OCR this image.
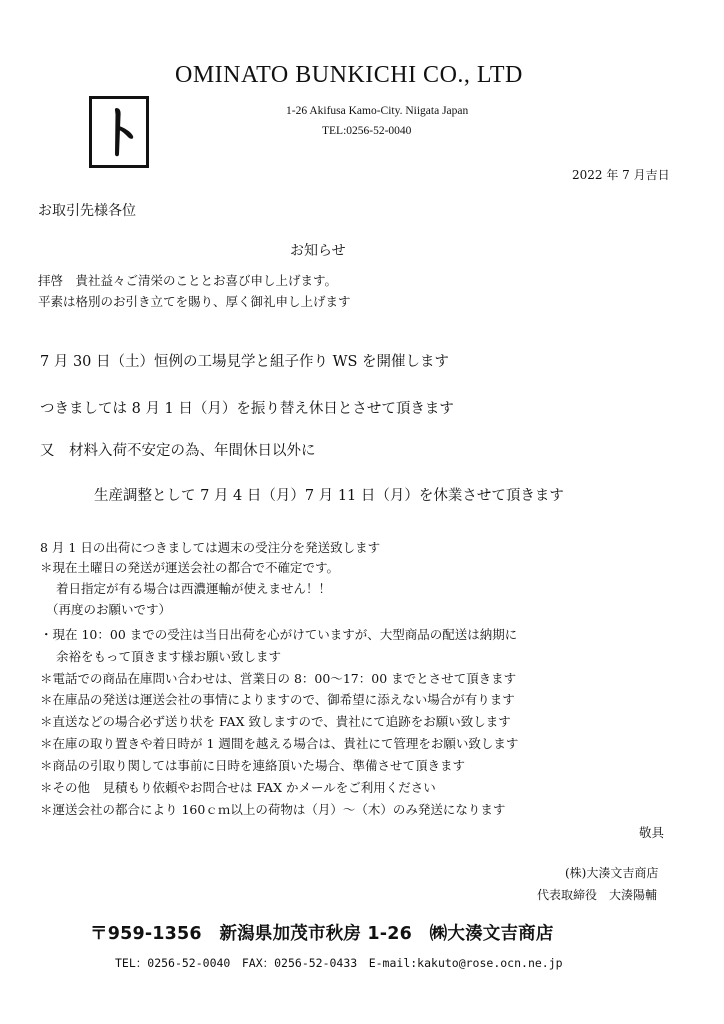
OMINATO BUNKICHI CO., LTD
1-26 Akifusa Kamo-City. Niigata Japan
TEL:0256-52-0040
2022 年 7 月吉日
お取引先様各位
お知らせ
拝啓　貴社益々ご清栄のこととお喜び申し上げます。
平素は格別のお引き立てを賜り、厚く御礼申し上げます
7 月 30 日（土）恒例の工場見学と組子作り WS を開催します
つきましては 8 月 1 日（月）を振り替え休日とさせて頂きます
又　材料入荷不安定の為、年間休日以外に
生産調整として 7 月 4 日（月）7 月 11 日（月）を休業させて頂きます
8 月 1 日の出荷につきましては週末の受注分を発送致します
＊現在土曜日の発送が運送会社の都合で不確定です。
着日指定が有る場合は西濃運輸が使えません！！
（再度のお願いです）
・現在 10：00 までの受注は当日出荷を心がけていますが、大型商品の配送は納期に
余裕をもって頂きます様お願い致します
＊電話での商品在庫問い合わせは、営業日の 8：00〜17：00 までとさせて頂きます
＊在庫品の発送は運送会社の事情によりますので、御希望に添えない場合が有ります
＊直送などの場合必ず送り状を FAX 致しますので、貴社にて追跡をお願い致します
＊在庫の取り置きや着日時が 1 週間を越える場合は、貴社にて管理をお願い致します
＊商品の引取り関しては事前に日時を連絡頂いた場合、準備させて頂きます
＊その他　見積もり依頼やお問合せは FAX かメールをご利用ください
＊運送会社の都合により 160ｃｍ以上の荷物は（月）〜（木）のみ発送になります
敬具
(株)大湊文吉商店
代表取締役　大湊陽輔
〒959-1356　新潟県加茂市秋房 1-26　㈱大湊文吉商店
TEL：0256-52-0040　FAX：0256-52-0433　E-mail:kakuto@rose.ocn.ne.jp
